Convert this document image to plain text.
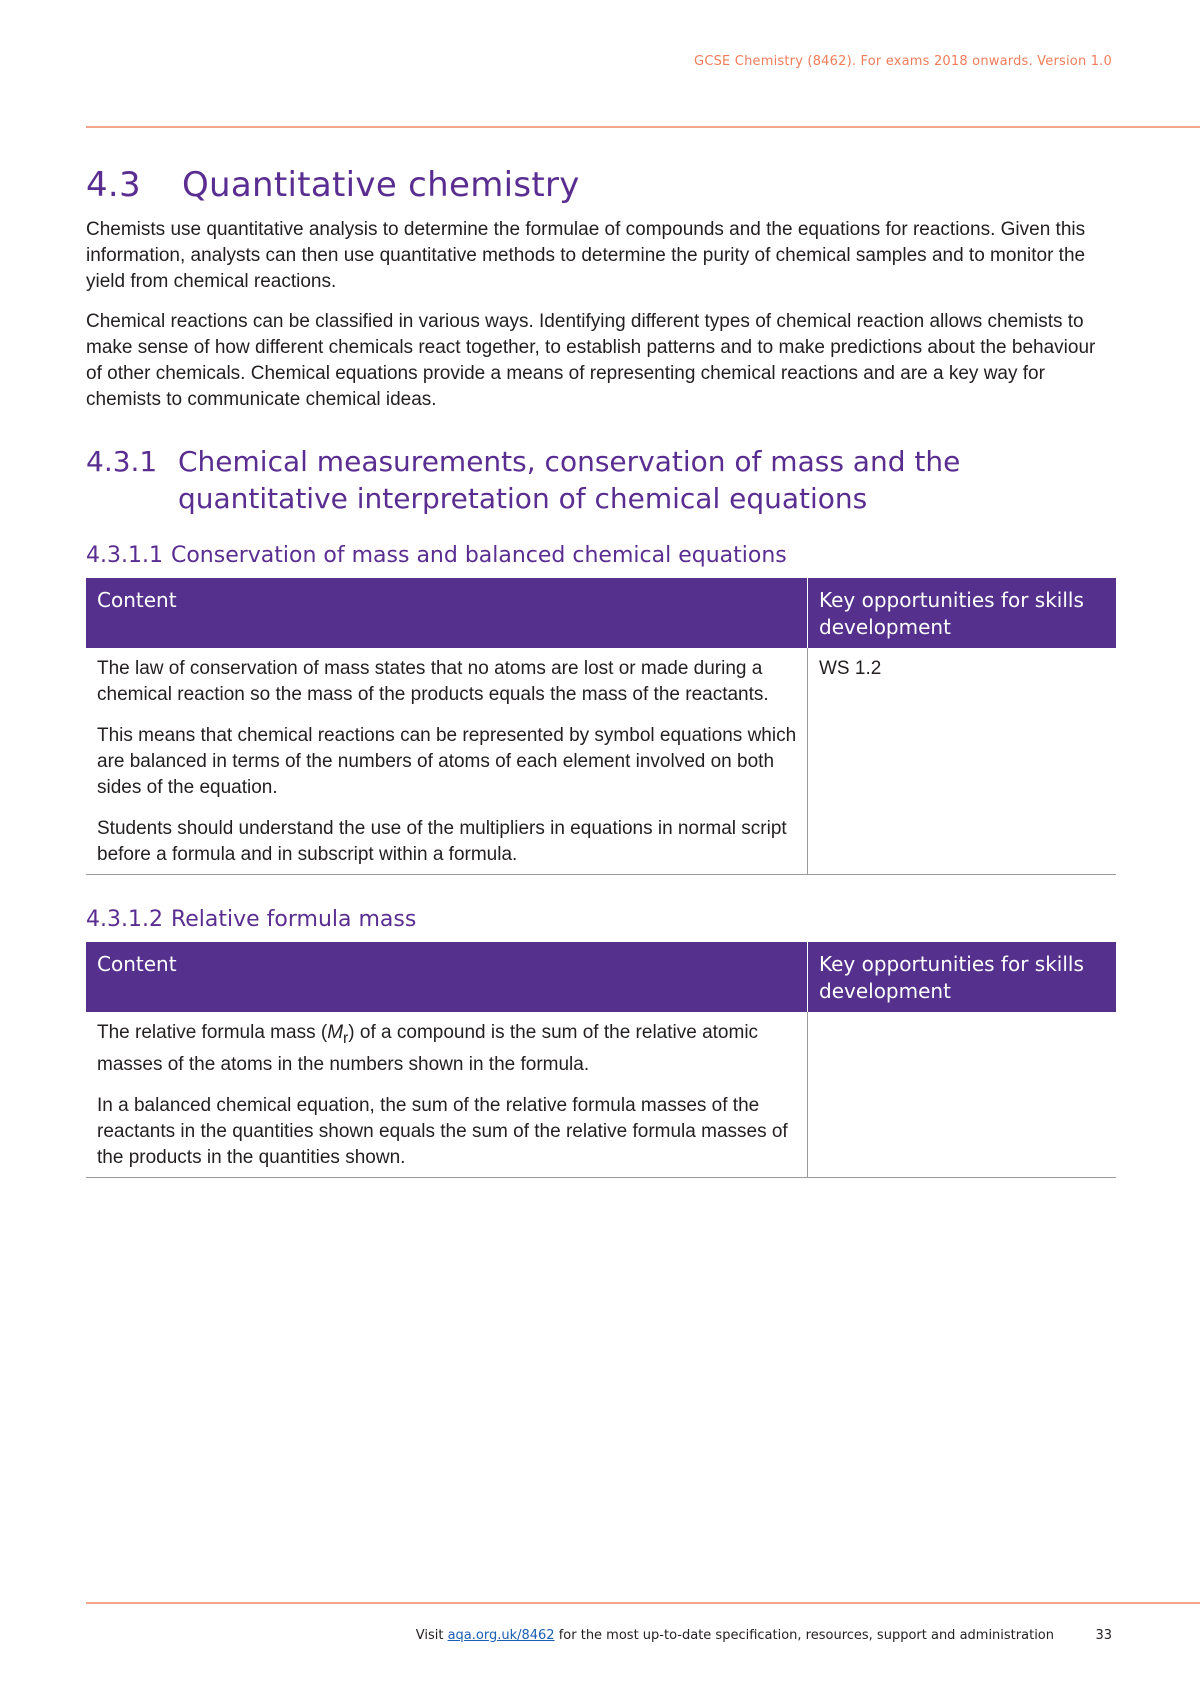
GCSE Chemistry (8462). For exams 2018 onwards. Version 1.0
4.3 Quantitative chemistry

Chemists use quantitative analysis to determine the formulae of compounds and the equations for reactions. Given this information, analysts can then use quantitative methods to determine the purity of chemical samples and to monitor the yield from chemical reactions.

Chemical reactions can be classified in various ways. Identifying different types of chemical reaction allows chemists to make sense of how different chemicals react together, to establish patterns and to make predictions about the behaviour of other chemicals. Chemical equations provide a means of representing chemical reactions and are a key way for chemists to communicate chemical ideas.

4.3.1 Chemical measurements, conservation of mass and the quantitative interpretation of chemical equations
4.3.1.1 Conservation of mass and balanced chemical equations
Content	Key opportunities for skills development

The law of conservation of mass states that no atoms are lost or made during a chemical reaction so the mass of the products equals the mass of the reactants.

This means that chemical reactions can be represented by symbol equations which are balanced in terms of the numbers of atoms of each element involved on both sides of the equation.

Students should understand the use of the multipliers in equations in normal script before a formula and in subscript within a formula.	WS 1.2
4.3.1.2 Relative formula mass
Content	Key opportunities for skills development

The relative formula mass $(M_r)$ of a compound is the sum of the relative atomic masses of the atoms in the numbers shown in the formula.

In a balanced chemical equation, the sum of the relative formula masses of the reactants in the quantities shown equals the sum of the relative formula masses of the products in the quantities shown.	

Visit aqa.org.uk/8462 for the most up-to-date specification, resources, support and administration	33
